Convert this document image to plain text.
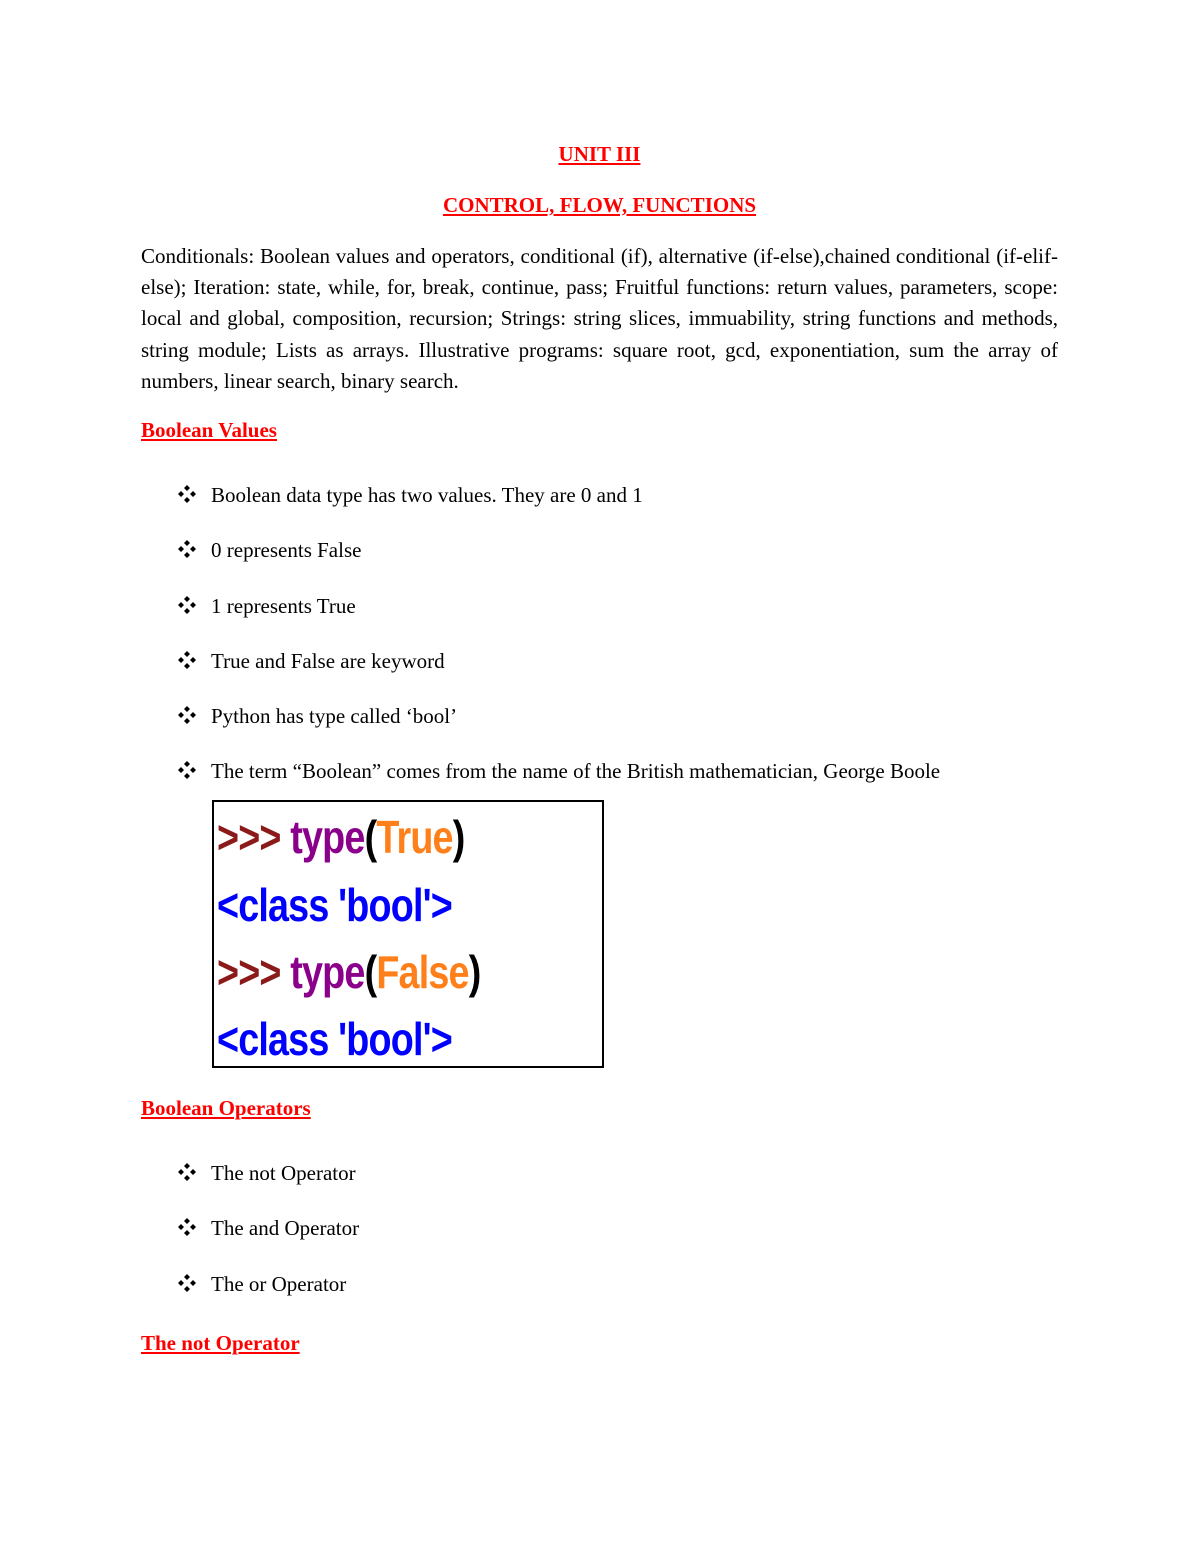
UNIT III
CONTROL, FLOW, FUNCTIONS
Conditionals: Boolean values and operators, conditional (if), alternative (if-else),chained conditional (if-elif-else); Iteration: state, while, for, break, continue, pass; Fruitful functions: return values, parameters, scope: local and global, composition, recursion; Strings: string slices, immuability, string functions and methods, string module; Lists as arrays. Illustrative programs: square root, gcd, exponentiation, sum the array of numbers, linear search, binary search.
Boolean Values
Boolean data type has two values. They are 0 and 1
0 represents False
1 represents True
True and False are keyword
Python has type called ‘bool’
The term “Boolean” comes from the name of the British mathematician, George Boole
>>> type(True)
<class 'bool'>
>>> type(False)
<class 'bool'>
Boolean Operators
The not Operator
The and Operator
The or Operator
The not Operator
